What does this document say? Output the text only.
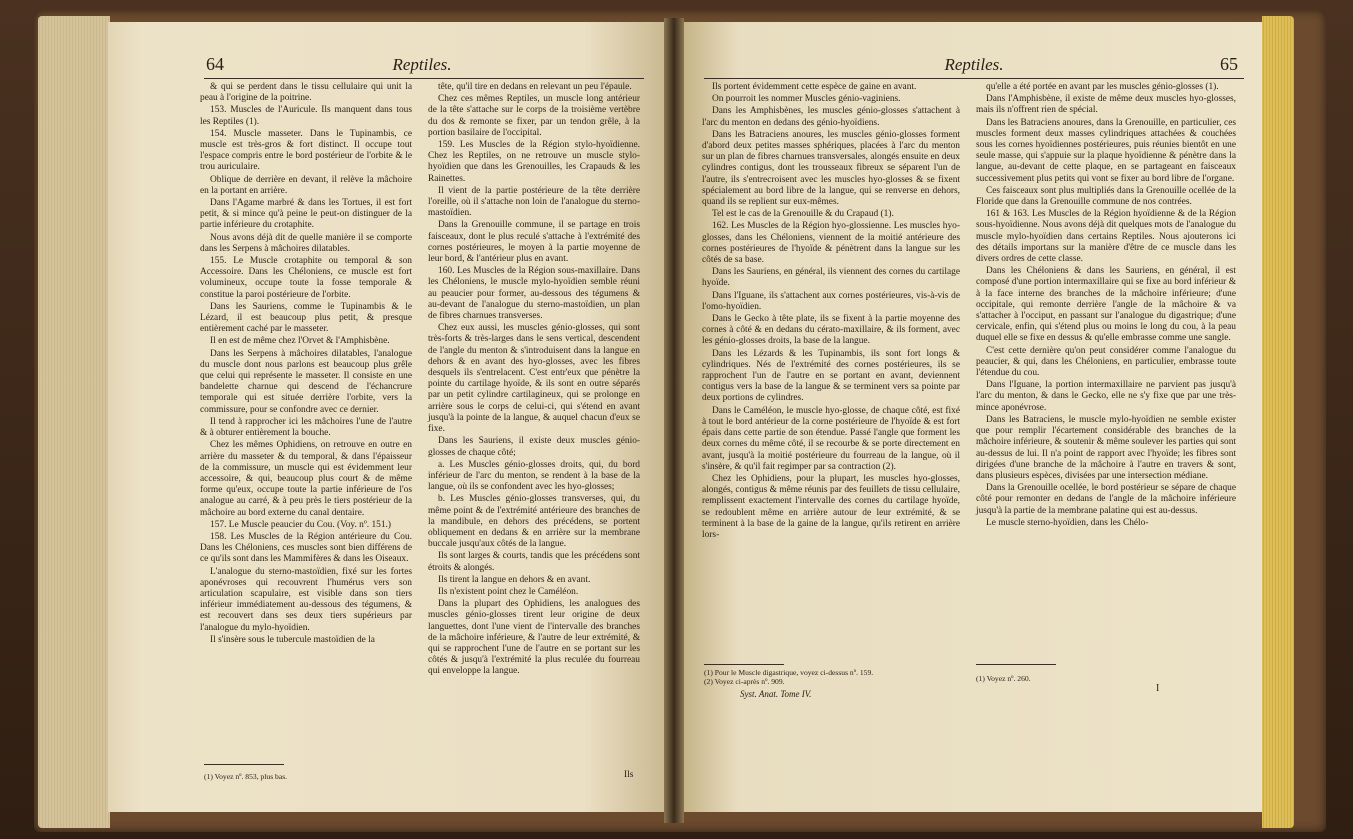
64	Reptiles.

& qui se perdent dans le tissu cellulaire qui unit la peau à l'origine de la poitrine.

153. Muscles de l'Auricule. Ils manquent dans tous les Reptiles (1).

154. Muscle masseter. Dans le Tupinambis, ce muscle est très-gros & fort distinct. Il occupe tout l'espace compris entre le bord postérieur de l'orbite & le trou auriculaire.

Oblique de derrière en devant, il relève la mâchoire en la portant en arrière.

Dans l'Agame marbré & dans les Tortues, il est fort petit, & si mince qu'à peine le peut-on distinguer de la partie inférieure du crotaphite.

Nous avons déjà dit de quelle manière il se comporte dans les Serpens à mâchoires dilatables.

155. Le Muscle crotaphite ou temporal & son Accessoire. Dans les Chéloniens, ce muscle est fort volumineux, occupe toute la fosse temporale & constitue la paroi postérieure de l'orbite.

Dans les Sauriens, comme le Tupinambis & le Lézard, il est beaucoup plus petit, & presque entièrement caché par le masseter.

Il en est de même chez l'Orvet & l'Amphisbène.

Dans les Serpens à mâchoires dilatables, l'analogue du muscle dont nous parlons est beaucoup plus grêle que celui qui représente le masseter. Il consiste en une bandelette charnue qui descend de l'échancrure temporale qui est située derrière l'orbite, vers la commissure, pour se confondre avec ce dernier.

Il tend à rapprocher ici les mâchoires l'une de l'autre & à obturer entièrement la bouche.

Chez les mêmes Ophidiens, on retrouve en outre en arrière du masseter & du temporal, & dans l'épaisseur de la commissure, un muscle qui est évidemment leur accessoire, & qui, beaucoup plus court & de même forme qu'eux, occupe toute la partie inférieure de l'os analogue au carré, & à peu près le tiers postérieur de la mâchoire au bord externe du canal dentaire.

157. Le Muscle peaucier du Cou. (Voy. nº. 151.)

158. Les Muscles de la Région antérieure du Cou. Dans les Chéloniens, ces muscles sont bien différens de ce qu'ils sont dans les Mammifères & dans les Oiseaux.

L'analogue du sterno-mastoïdien, fixé sur les fortes aponévroses qui recouvrent l'humérus vers son articulation scapulaire, est visible dans son tiers inférieur immédiatement au-dessous des tégumens, & est recouvert dans ses deux tiers supérieurs par l'analogue du mylo-hyoïdien.

Il s'insère sous le tubercule mastoïdien de la

tête, qu'il tire en dedans en relevant un peu l'épaule.

Chez ces mêmes Reptiles, un muscle long antérieur de la tête s'attache sur le corps de la troisième vertèbre du dos & remonte se fixer, par un tendon grêle, à la portion basilaire de l'occipital.

159. Les Muscles de la Région stylo-hyoïdienne. Chez les Reptiles, on ne retrouve un muscle stylo-hyoïdien que dans les Grenouilles, les Crapauds & les Rainettes.

Il vient de la partie postérieure de la tête derrière l'oreille, où il s'attache non loin de l'analogue du sterno-mastoïdien.

Dans la Grenouille commune, il se partage en trois faisceaux, dont le plus reculé s'attache à l'extrémité des cornes postérieures, le moyen à la partie moyenne de leur bord, & l'antérieur plus en avant.

160. Les Muscles de la Région sous-maxillaire. Dans les Chéloniens, le muscle mylo-hyoïdien semble réuni au peaucier pour former, au-dessous des tégumens & au-devant de l'analogue du sterno-mastoïdien, un plan de fibres charnues transverses.

Chez eux aussi, les muscles génio-glosses, qui sont très-forts & très-larges dans le sens vertical, descendent de l'angle du menton & s'introduisent dans la langue en dehors & en avant des hyo-glosses, avec les fibres desquels ils s'entrelacent. C'est entr'eux que pénètre la pointe du cartilage hyoïde, & ils sont en outre séparés par un petit cylindre cartilagineux, qui se prolonge en arrière sous le corps de celui-ci, qui s'étend en avant jusqu'à la pointe de la langue, & auquel chacun d'eux se fixe.

Dans les Sauriens, il existe deux muscles génio-glosses de chaque côté;

a. Les Muscles génio-glosses droits, qui, du bord inférieur de l'arc du menton, se rendent à la base de la langue, où ils se confondent avec les hyo-glosses;

b. Les Muscles génio-glosses transverses, qui, du même point & de l'extrémité antérieure des branches de la mandibule, en dehors des précédens, se portent obliquement en dedans & en arrière sur la membrane buccale jusqu'aux côtés de la langue.

Ils sont larges & courts, tandis que les précédens sont étroits & alongés.

Ils tirent la langue en dehors & en avant.

Ils n'existent point chez le Caméléon.

Dans la plupart des Ophidiens, les analogues des muscles génio-glosses tirent leur origine de deux languettes, dont l'une vient de l'intervalle des branches de la mâchoire inférieure, & l'autre de leur extrémité, & qui se rapprochent l'une de l'autre en se portant sur les côtés & jusqu'à l'extrémité la plus reculée du fourreau qui enveloppe la langue.

Ils
(1) Voyez nº. 853, plus bas.
Reptiles.	65

Ils portent évidemment cette espèce de gaine en avant.

On pourroit les nommer Muscles génio-vaginiens.

Dans les Amphisbènes, les muscles génio-glosses s'attachent à l'arc du menton en dedans des génio-hyoïdiens.

Dans les Batraciens anoures, les muscles génio-glosses forment d'abord deux petites masses sphériques, placées à l'arc du menton sur un plan de fibres charnues transversales, alongés ensuite en deux cylindres contigus, dont les trousseaux fibreux se séparent l'un de l'autre, ils s'entrecroisent avec les muscles hyo-glosses & se fixent spécialement au bord libre de la langue, qui se renverse en dehors, quand ils se replient sur eux-mêmes.

Tel est le cas de la Grenouille & du Crapaud (1).

162. Les Muscles de la Région hyo-glossienne. Les muscles hyo-glosses, dans les Chéloniens, viennent de la moitié antérieure des cornes postérieures de l'hyoïde & pénètrent dans la langue sur les côtés de sa base.

Dans les Sauriens, en général, ils viennent des cornes du cartilage hyoïde.

Dans l'Iguane, ils s'attachent aux cornes postérieures, vis-à-vis de l'omo-hyoïdien.

Dans le Gecko à tête plate, ils se fixent à la partie moyenne des cornes à côté & en dedans du cérato-maxillaire, & ils forment, avec les génio-glosses droits, la base de la langue.

Dans les Lézards & les Tupinambis, ils sont fort longs & cylindriques. Nés de l'extrémité des cornes postérieures, ils se rapprochent l'un de l'autre en se portant en avant, deviennent contigus vers la base de la langue & se terminent vers sa pointe par deux portions de cylindres.

Dans le Caméléon, le muscle hyo-glosse, de chaque côté, est fixé à tout le bord antérieur de la corne postérieure de l'hyoïde & est fort épais dans cette partie de son étendue. Passé l'angle que forment les deux cornes du même côté, il se recourbe & se porte directement en avant, jusqu'à la moitié postérieure du fourreau de la langue, où il s'insère, & qu'il fait regimper par sa contraction (2).

Chez les Ophidiens, pour la plupart, les muscles hyo-glosses, alongés, contigus & même réunis par des feuillets de tissu cellulaire, remplissent exactement l'intervalle des cornes du cartilage hyoïde, se redoublent même en arrière autour de leur extrémité, & se terminent à la base de la gaine de la langue, qu'ils retirent en arrière lors-

qu'elle a été portée en avant par les muscles génio-glosses (1).

Dans l'Amphisbène, il existe de même deux muscles hyo-glosses, mais ils n'offrent rien de spécial.

Dans les Batraciens anoures, dans la Grenouille, en particulier, ces muscles forment deux masses cylindriques attachées & couchées sous les cornes hyoïdiennes postérieures, puis réunies bientôt en une seule masse, qui s'appuie sur la plaque hyoïdienne & pénètre dans la langue, au-devant de cette plaque, en se partageant en faisceaux successivement plus petits qui vont se fixer au bord libre de l'organe.

Ces faisceaux sont plus multipliés dans la Grenouille ocellée de la Floride que dans la Grenouille commune de nos contrées.

161 & 163. Les Muscles de la Région hyoïdienne & de la Région sous-hyoïdienne. Nous avons déjà dit quelques mots de l'analogue du muscle mylo-hyoïdien dans certains Reptiles. Nous ajouterons ici des détails importans sur la manière d'être de ce muscle dans les divers ordres de cette classe.

Dans les Chéloniens & dans les Sauriens, en général, il est composé d'une portion intermaxillaire qui se fixe au bord inférieur & à la face interne des branches de la mâchoire inférieure; d'une occipitale, qui remonte derrière l'angle de la mâchoire & va s'attacher à l'occiput, en passant sur l'analogue du digastrique; d'une cervicale, enfin, qui s'étend plus ou moins le long du cou, à la peau duquel elle se fixe en dessus & qu'elle embrasse comme une sangle.

C'est cette dernière qu'on peut considérer comme l'analogue du peaucier, & qui, dans les Chéloniens, en particulier, embrasse toute l'étendue du cou.

Dans l'Iguane, la portion intermaxillaire ne parvient pas jusqu'à l'arc du menton, & dans le Gecko, elle ne s'y fixe que par une très-mince aponévrose.

Dans les Batraciens, le muscle mylo-hyoïdien ne semble exister que pour remplir l'écartement considérable des branches de la mâchoire inférieure, & soutenir & même soulever les parties qui sont au-dessus de lui. Il n'a point de rapport avec l'hyoïde; les fibres sont dirigées d'une branche de la mâchoire à l'autre en travers & sont, dans plusieurs espèces, divisées par une intersection médiane.

Dans la Grenouille ocellée, le bord postérieur se sépare de chaque côté pour remonter en dedans de l'angle de la mâchoire inférieure jusqu'à la partie de la membrane palatine qui est au-dessus.

Le muscle sterno-hyoïdien, dans les Chélo-

(1) Pour le Muscle digastrique, voyez ci-dessus nº. 159.

(2) Voyez ci-après nº. 909.

Syst. Anat. Tome IV.
(1) Voyez nº. 260.
I
